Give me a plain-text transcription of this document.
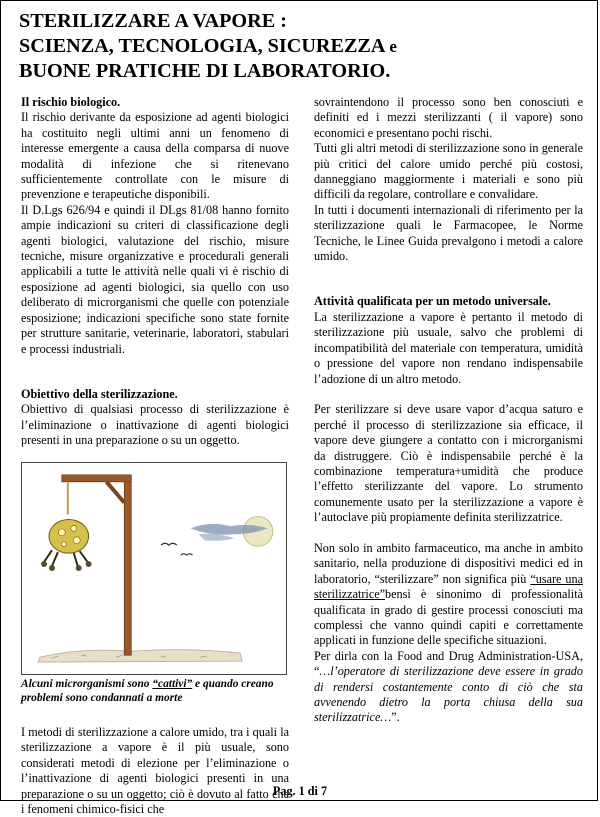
STERILIZZARE A VAPORE :
SCIENZA, TECNOLOGIA, SICUREZZA e
BUONE PRATICHE DI LABORATORIO.
Il rischio biologico.

Il rischio derivante da esposizione ad agenti biologici ha costituito negli ultimi anni un fenomeno di interesse emergente a causa della comparsa di nuove modalità di infezione che si ritenevano sufficientemente controllate con le misure di prevenzione e terapeutiche disponibili.

Il D.Lgs 626/94 e quindi il DLgs 81/08 hanno fornito ampie indicazioni su criteri di classificazione degli agenti biologici, valutazione del rischio, misure tecniche, misure organizzative e procedurali generali applicabili a tutte le attività nelle quali vi è rischio di esposizione ad agenti biologici, sia quello con uso deliberato di microrganismi che quelle con potenziale esposizione; indicazioni specifiche sono state fornite per strutture sanitarie, veterinarie, laboratori, stabulari e processi industriali.

Obiettivo della sterilizzazione.

Obiettivo di qualsiasi processo di sterilizzazione è l’eliminazione o inattivazione di agenti biologici presenti in una preparazione o su un oggetto.

Alcuni microrganismi sono “cattivi” e quando creano problemi sono condannati a morte

I metodi di sterilizzazione a calore umido, tra i quali la sterilizzazione a vapore è il più usuale, sono considerati metodi di elezione per l’eliminazione o l’inattivazione di agenti biologici presenti in una preparazione o su un oggetto; ciò è dovuto al fatto che i fenomeni chimico-fisici che

sovraintendono il processo sono ben conosciuti e definiti ed i mezzi sterilizzanti ( il vapore) sono economici e presentano pochi rischi.

Tutti gli altri metodi di sterilizzazione sono in generale più critici del calore umido perché più costosi, danneggiano maggiormente i materiali e sono più difficili da regolare, controllare e convalidare.

In tutti i documenti internazionali di riferimento per la sterilizzazione quali le Farmacopee, le Norme Tecniche, le Linee Guida prevalgono i metodi a calore umido.

Attività qualificata per un metodo universale.

La sterilizzazione a vapore è pertanto il metodo di sterilizzazione più usuale, salvo che problemi di incompatibilità del materiale con temperatura, umidità o pressione del vapore non rendano indispensabile l’adozione di un altro metodo.

Per sterilizzare si deve usare vapor d’acqua saturo e perché il processo di sterilizzazione sia efficace, il vapore deve giungere a contatto con i microrganismi da distruggere. Ciò è indispensabile perché è la combinazione temperatura+umidità che produce l’effetto sterilizzante del vapore. Lo strumento comunemente usato per la sterilizzazione a vapore è l’autoclave più propiamente definita sterilizzatrice.

Non solo in ambito farmaceutico, ma anche in ambito sanitario, nella produzione di dispositivi medici ed in laboratorio, “sterilizzare” non significa più “usare una sterilizzatrice”bensì è sinonimo di professionalità qualificata in grado di gestire processi conosciuti ma complessi che vanno quindi capiti e correttamente applicati in funzione delle specifiche situazioni.

Per dirla con la Food and Drug Administration-USA, “…l’operatore di sterilizzazione deve essere in grado di rendersi costantemente conto di ciò che sta avvenendo dietro la porta chiusa della sua sterilizzatrice…”.

Pag. 1 di 7
